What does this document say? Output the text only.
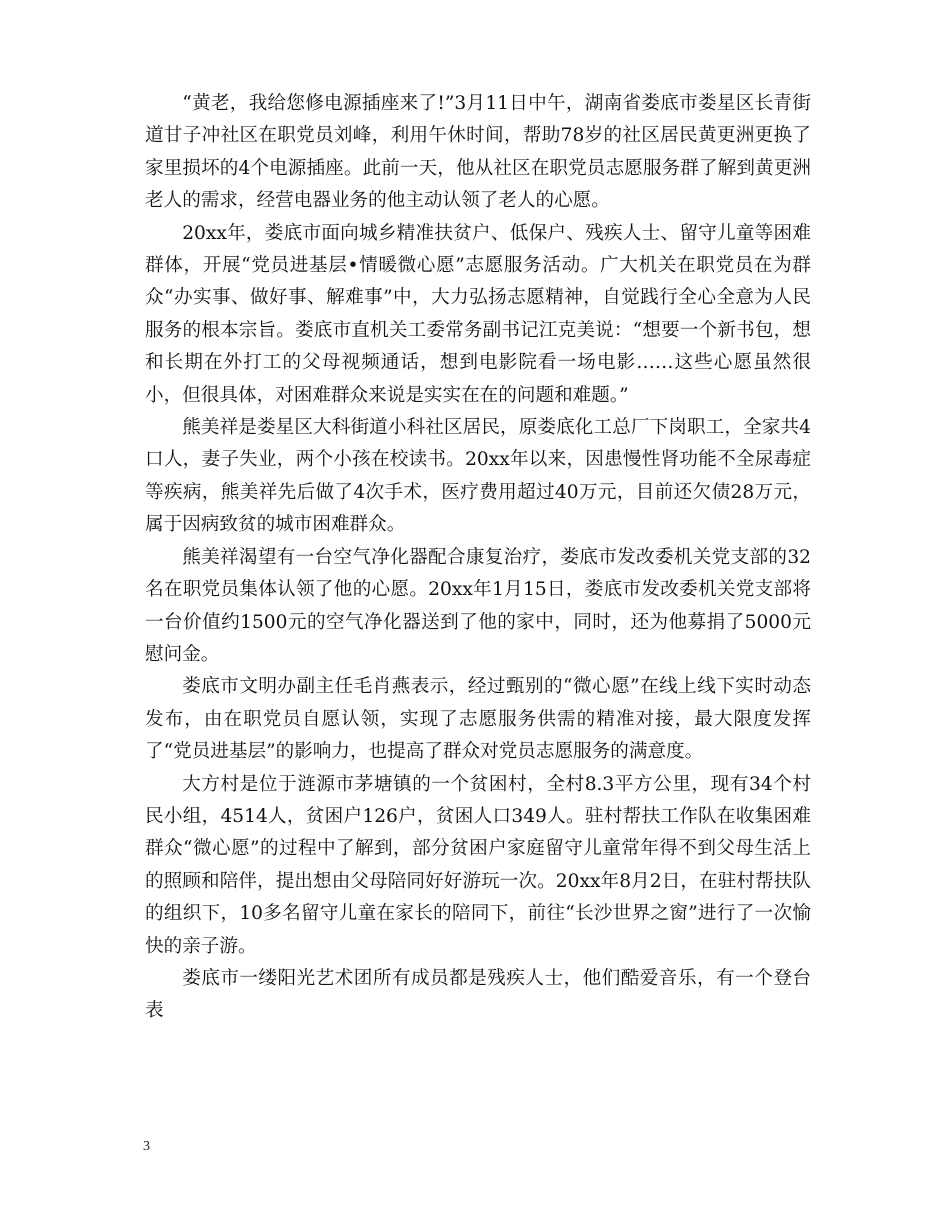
“黄老，我给您修电源插座来了!”3月11日中午，湖南省娄底市娄星区长青街道甘子冲社区在职党员刘峰，利用午休时间，帮助78岁的社区居民黄更洲更换了家里损坏的4个电源插座。此前一天，他从社区在职党员志愿服务群了解到黄更洲老人的需求，经营电器业务的他主动认领了老人的心愿。

20xx年，娄底市面向城乡精准扶贫户、低保户、残疾人士、留守儿童等困难群体，开展“党员进基层•情暖微心愿”志愿服务活动。广大机关在职党员在为群众“办实事、做好事、解难事”中，大力弘扬志愿精神，自觉践行全心全意为人民服务的根本宗旨。娄底市直机关工委常务副书记江克美说：“想要一个新书包，想和长期在外打工的父母视频通话，想到电影院看一场电影……这些心愿虽然很小，但很具体，对困难群众来说是实实在在的问题和难题。”

熊美祥是娄星区大科街道小科社区居民，原娄底化工总厂下岗职工，全家共4口人，妻子失业，两个小孩在校读书。20xx年以来，因患慢性肾功能不全尿毒症等疾病，熊美祥先后做了4次手术，医疗费用超过40万元，目前还欠债28万元，属于因病致贫的城市困难群众。

熊美祥渴望有一台空气净化器配合康复治疗，娄底市发改委机关党支部的32名在职党员集体认领了他的心愿。20xx年1月15日，娄底市发改委机关党支部将一台价值约1500元的空气净化器送到了他的家中，同时，还为他募捐了5000元慰问金。

娄底市文明办副主任毛肖燕表示，经过甄别的“微心愿”在线上线下实时动态发布，由在职党员自愿认领，实现了志愿服务供需的精准对接，最大限度发挥了“党员进基层”的影响力，也提高了群众对党员志愿服务的满意度。

大方村是位于涟源市茅塘镇的一个贫困村，全村8.3平方公里，现有34个村民小组，4514人，贫困户126户，贫困人口349人。驻村帮扶工作队在收集困难群众“微心愿”的过程中了解到，部分贫困户家庭留守儿童常年得不到父母生活上的照顾和陪伴，提出想由父母陪同好好游玩一次。20xx年8月2日，在驻村帮扶队的组织下，10多名留守儿童在家长的陪同下，前往“长沙世界之窗”进行了一次愉快的亲子游。

娄底市一缕阳光艺术团所有成员都是残疾人士，他们酷爱音乐，有一个登台表

3
